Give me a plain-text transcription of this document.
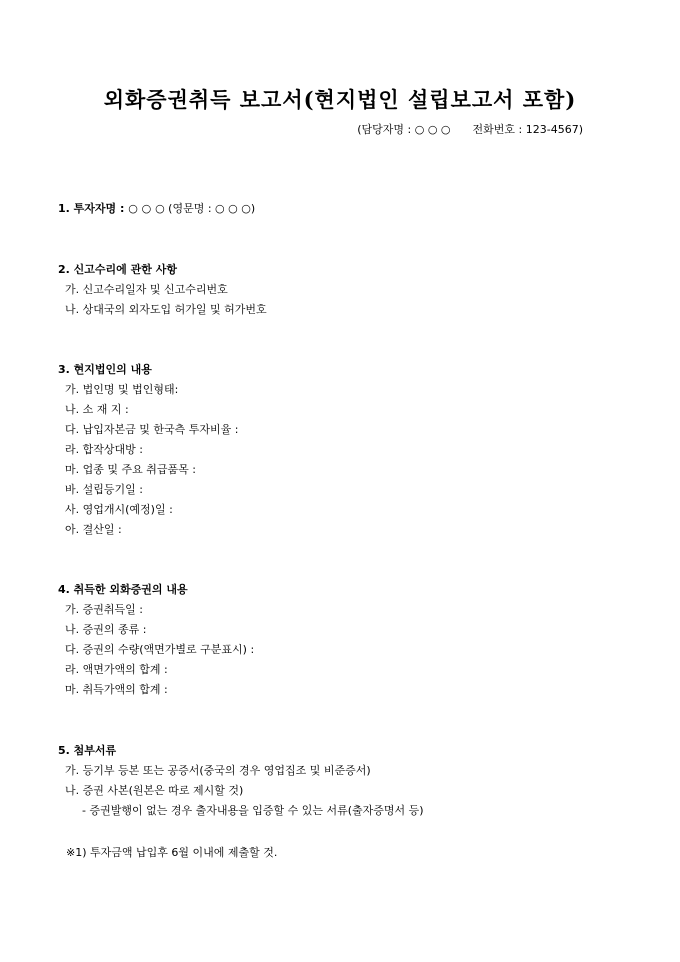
외화증권취득 보고서(현지법인 설립보고서 포함)
(담당자명 : ○ ○ ○ 전화번호 : 123-4567)
1. 투자자명 : ○ ○ ○ (영문명 : ○ ○ ○)
2. 신고수리에 관한 사항
가. 신고수리일자 및 신고수리번호
나. 상대국의 외자도입 허가일 및 허가번호
3. 현지법인의 내용
가. 법인명 및 법인형태:
나. 소 재 지 :
다. 납입자본금 및 한국측 투자비율 :
라. 합작상대방 :
마. 업종 및 주요 취급품목 :
바. 설립등기일 :
사. 영업개시(예정)일 :
아. 결산일 :
4. 취득한 외화증권의 내용
가. 증권취득일 :
나. 증권의 종류 :
다. 증권의 수량(액면가별로 구분표시) :
라. 액면가액의 합계 :
마. 취득가액의 합계 :
5. 첨부서류
가. 등기부 등본 또는 공증서(중국의 경우 영업집조 및 비준증서)
나. 증권 사본(원본은 따로 제시할 것)
- 증권발행이 없는 경우 출자내용을 입증할 수 있는 서류(출자증명서 등)
※1) 투자금액 납입후 6월 이내에 제출할 것.
